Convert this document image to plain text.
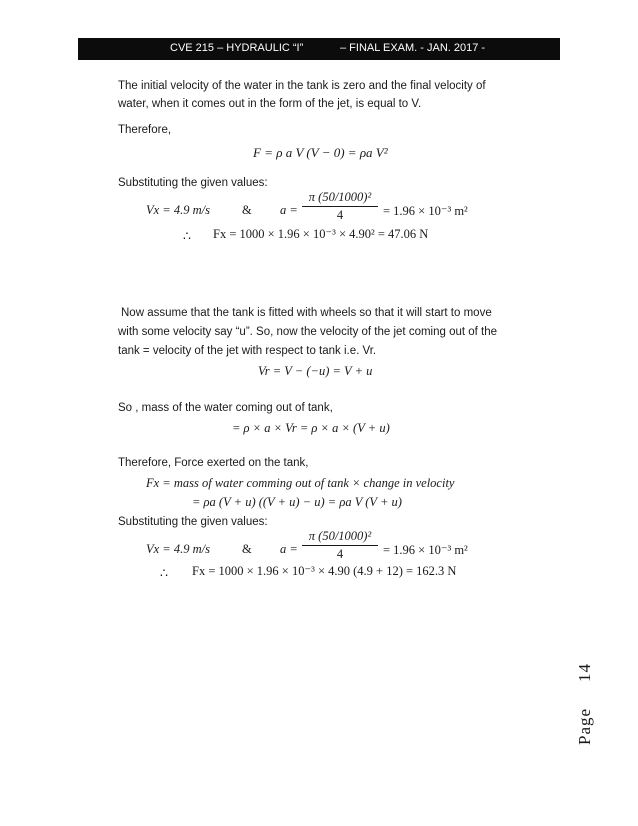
CVE 215 – HYDRAULIC “I”	– FINAL EXAM. - JAN. 2017 -
The initial velocity of the water in the tank is zero and the final velocity of
water, when it comes out in the form of the jet, is equal to V.
Therefore,
F = ρ a V (V − 0) = ρa V²
Substituting the given values:
Vx = 4.9 m/s	& $a = \frac{\text{π (50/1000)²}}{4} = 1.96 \times 10^{-3}$ m²
∴ Fx = 1000 × 1.96 × 10⁻³ × 4.90² = 47.06 N
Now assume that the tank is fitted with wheels so that it will start to move
with some velocity say “u”. So, now the velocity of the jet coming out of the
tank = velocity of the jet with respect to tank i.e. Vr.
Vr = V − (−u) = V + u
So , mass of the water coming out of tank,
= ρ × a × Vr = ρ × a × (V + u)
Therefore, Force exerted on the tank,
Fx = mass of water comming out of tank × change in velocity
= ρa (V + u) ((V + u) − u) = ρa V (V + u)
Substituting the given values:
Vx = 4.9 m/s	& $a = \frac{\text{π (50/1000)²}}{4} = 1.96 \times 10^{-3}$ m²
∴ Fx = 1000 × 1.96 × 10⁻³ × 4.90 (4.9 + 12) = 162.3 N
Page14
